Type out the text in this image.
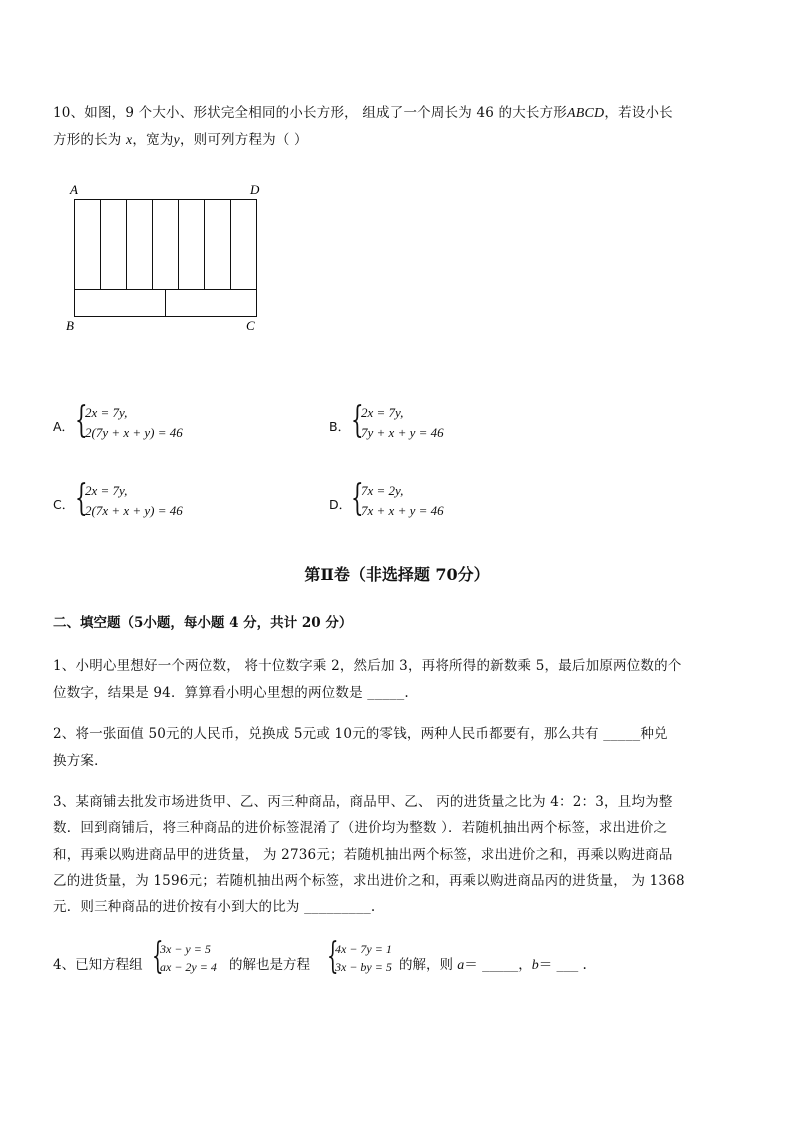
10、如图，9 个大小、形状完全相同的小长方形， 组成了一个周长为 46 的大长方形ABCD，若设小长
方形的长为 x，宽为y，则可列方程为（ ）
A	D
B	C
A． {
2x = 7y,
2(7y + x + y) = 46	B． {
2x = 7y,
7y + x + y = 46
C． {
2x = 7y,
2(7x + x + y) = 46	D． {
7x = 2y,
7x + x + y = 46
第Ⅱ卷（非选择题 70分）
二、填空题（5小题，每小题 4 分，共计 20 分）
1、小明心里想好一个两位数， 将十位数字乘 2，然后加 3，再将所得的新数乘 5，最后加原两位数的个
位数字，结果是 94．算算看小明心里想的两位数是 _____.
2、将一张面值 50元的人民币，兑换成 5元或 10元的零钱，两种人民币都要有，那么共有 _____种兑
换方案．
3、某商铺去批发市场进货甲、乙、丙三种商品，商品甲、乙、 丙的进货量之比为 4：2：3，且均为整
数．回到商铺后，将三种商品的进价标签混淆了（进价均为整数 ）．若随机抽出两个标签，求出进价之
和，再乘以购进商品甲的进货量， 为 2736元；若随机抽出两个标签，求出进价之和，再乘以购进商品
乙的进货量，为 1596元；若随机抽出两个标签，求出进价之和，再乘以购进商品丙的进货量， 为 1368
元．则三种商品的进价按有小到大的比为 _________.
4、已知方程组 {
3x − y = 5
ax − 2y = 4 的解也是方程 {
4x − 7y = 1
3x − by = 5 的解，则 a＝ _____，b＝ ___ .
